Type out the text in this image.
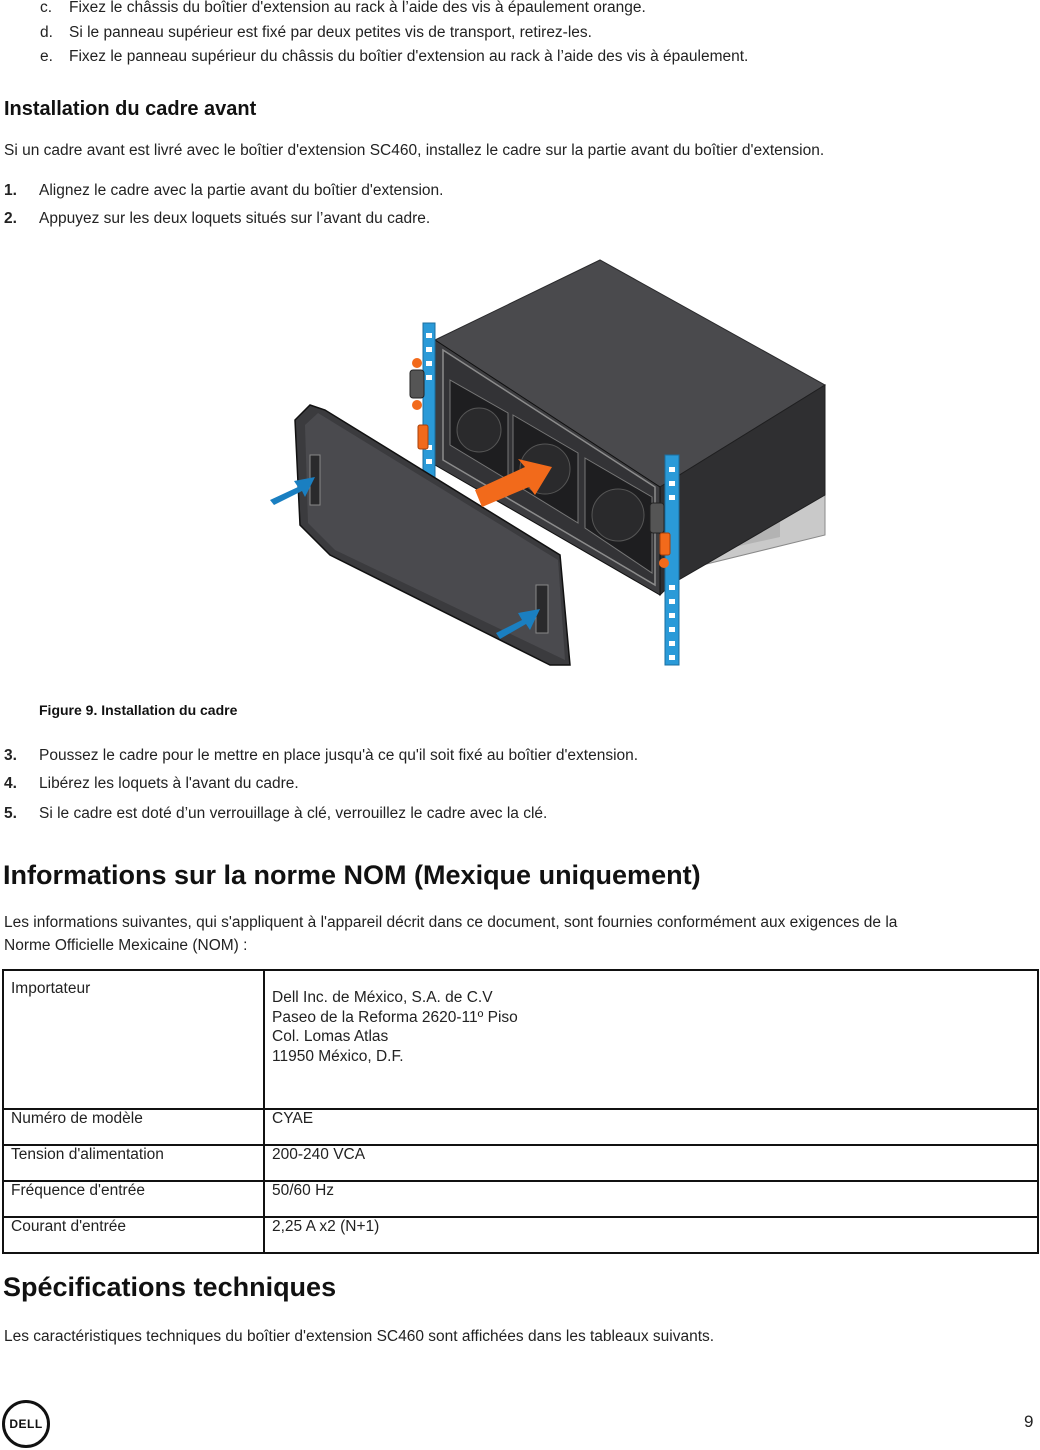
c. Fixez le châssis du boîtier d'extension au rack à l’aide des vis à épaulement orange.
d. Si le panneau supérieur est fixé par deux petites vis de transport, retirez-les.
e. Fixez le panneau supérieur du châssis du boîtier d'extension au rack à l’aide des vis à épaulement.
Installation du cadre avant
Si un cadre avant est livré avec le boîtier d'extension SC460, installez le cadre sur la partie avant du boîtier d'extension.
1. Alignez le cadre avec la partie avant du boîtier d'extension.
2. Appuyez sur les deux loquets situés sur l’avant du cadre.
Figure 9. Installation du cadre
3. Poussez le cadre pour le mettre en place jusqu'à ce qu'il soit fixé au boîtier d'extension.
4. Libérez les loquets à l'avant du cadre.
5. Si le cadre est doté d’un verrouillage à clé, verrouillez le cadre avec la clé.
Informations sur la norme NOM (Mexique uniquement)
Les informations suivantes, qui s'appliquent à l'appareil décrit dans ce document, sont fournies conformément aux exigences de la
Norme Officielle Mexicaine (NOM) :
Importateur	Dell Inc. de México, S.A. de C.V
Paseo de la Reforma 2620-11º Piso
Col. Lomas Atlas
11950 México, D.F.

Numéro de modèle	CYAE
Tension d'alimentation	200-240 VCA
Fréquence d'entrée	50/60 Hz
Courant d'entrée	2,25 A x2 (N+1)
Spécifications techniques
Les caractéristiques techniques du boîtier d'extension SC460 sont affichées dans les tableaux suivants.
DELL	9
